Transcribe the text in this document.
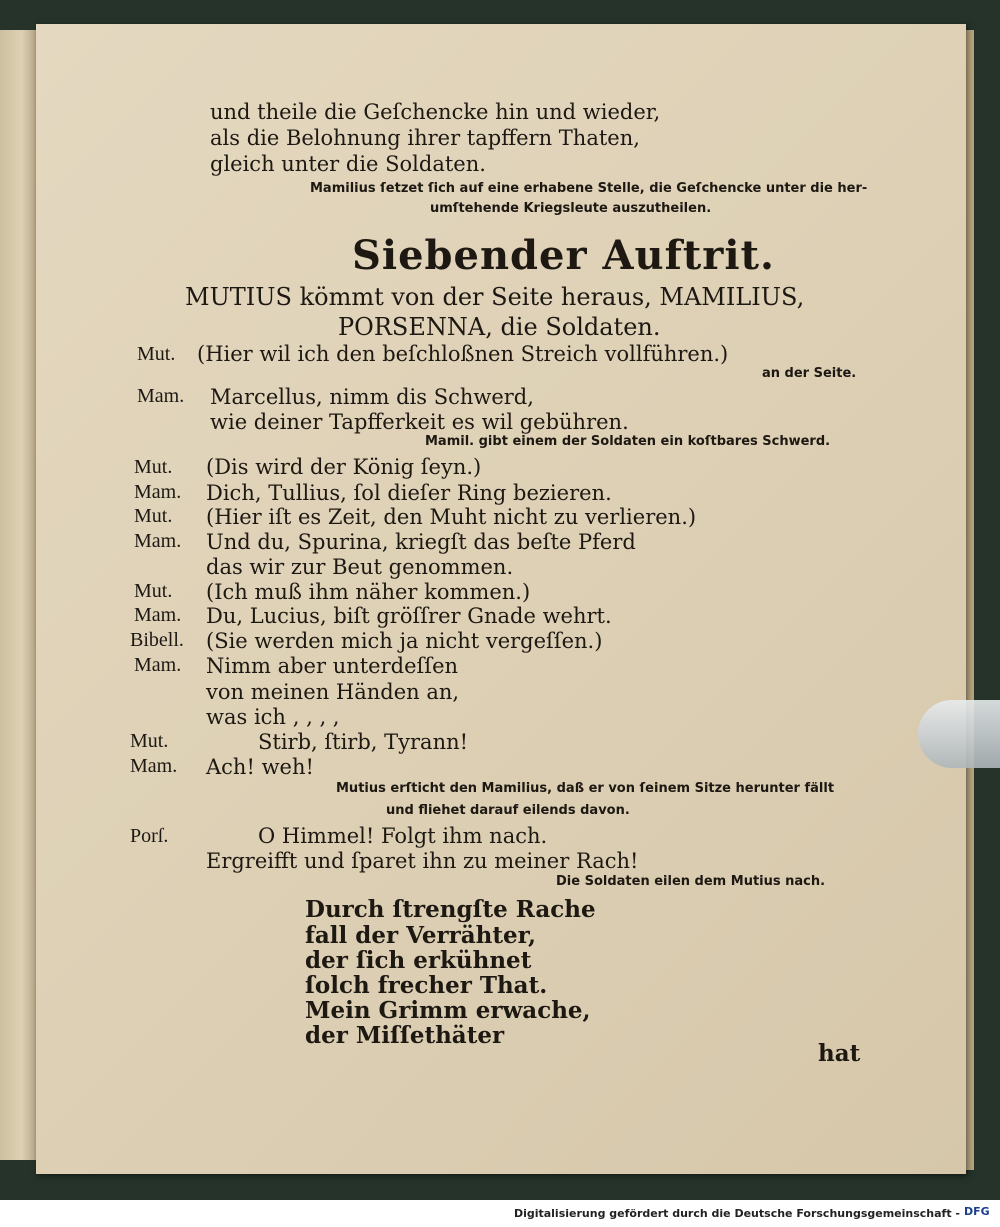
und theile die Geſchencke hin und wieder,
als die Belohnung ihrer tapffern Thaten,
gleich unter die Soldaten.
Mamilius ſetzet ſich auf eine erhabene Stelle, die Geſchencke unter die her-
umſtehende Kriegsleute auszutheilen.
Siebender Auftrit.
MUTIUS kömmt von der Seite heraus, MAMILIUS,
PORSENNA, die Soldaten.
Mut. (Hier wil ich den beſchloßnen Streich vollführen.)
an der Seite.
Mam. Marcellus, nimm dis Schwerd,
wie deiner Tapfferkeit es wil gebühren.
Mamil. gibt einem der Soldaten ein koſtbares Schwerd.
Mut. (Dis wird der König ſeyn.)
Mam. Dich, Tullius, ſol dieſer Ring bezieren.
Mut. (Hier iſt es Zeit, den Muht nicht zu verlieren.)
Mam. Und du, Spurina, kriegſt das beſte Pferd
das wir zur Beut genommen.
Mut. (Ich muß ihm näher kommen.)
Mam. Du, Lucius, biſt gröſſrer Gnade wehrt.
Bibell. (Sie werden mich ja nicht vergeſſen.)
Mam. Nimm aber unterdeſſen
von meinen Händen an,
was ich ‚ ‚ ‚ ‚
Mut.	Stirb, ſtirb, Tyrann!
Mam. Ach! weh!
Mutius erſticht den Mamilius, daß er von ſeinem Sitze herunter fällt
und fliehet darauf eilends davon.
Porſ.	O Himmel! Folgt ihm nach.
Ergreifft und ſparet ihn zu meiner Rach!
Die Soldaten eilen dem Mutius nach.
Durch ſtrengſte Rache
fall der Verrähter,
der ſich erkühnet
ſolch frecher That.
Mein Grimm erwache,
der Miſſethäter
hat
Digitalisierung gefördert durch die Deutsche Forschungsgemeinschaft - DFG
